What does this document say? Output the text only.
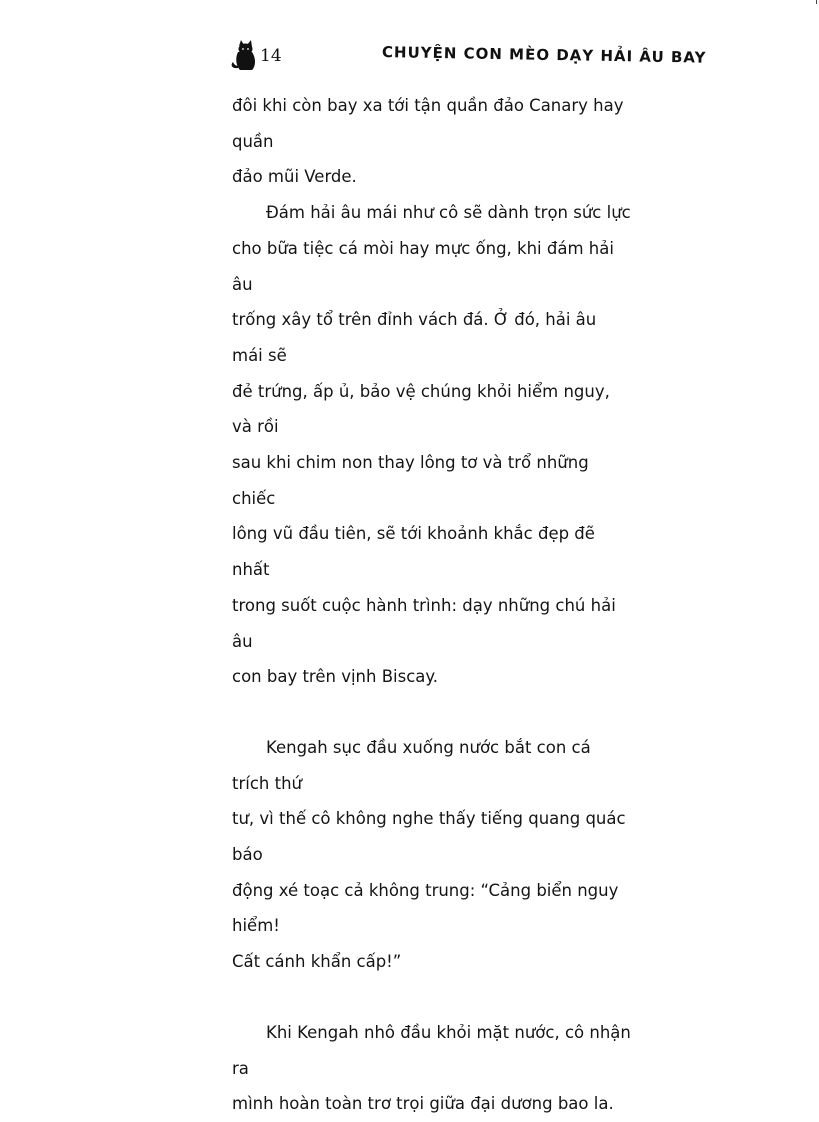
14	CHUYỆN CON MÈO DẠY HẢI ÂU BAY

đôi khi còn bay xa tới tận quần đảo Canary hay quần
đảo mũi Verde.

Đám hải âu mái như cô sẽ dành trọn sức lực
cho bữa tiệc cá mòi hay mực ống, khi đám hải âu
trống xây tổ trên đỉnh vách đá. Ở đó, hải âu mái sẽ
đẻ trứng, ấp ủ, bảo vệ chúng khỏi hiểm nguy, và rồi
sau khi chim non thay lông tơ và trổ những chiếc
lông vũ đầu tiên, sẽ tới khoảnh khắc đẹp đẽ nhất
trong suốt cuộc hành trình: dạy những chú hải âu
con bay trên vịnh Biscay.

Kengah sục đầu xuống nước bắt con cá trích thứ
tư, vì thế cô không nghe thấy tiếng quang quác báo
động xé toạc cả không trung: “Cảng biển nguy hiểm!
Cất cánh khẩn cấp!”

Khi Kengah nhô đầu khỏi mặt nước, cô nhận ra
mình hoàn toàn trơ trọi giữa đại dương bao la.
